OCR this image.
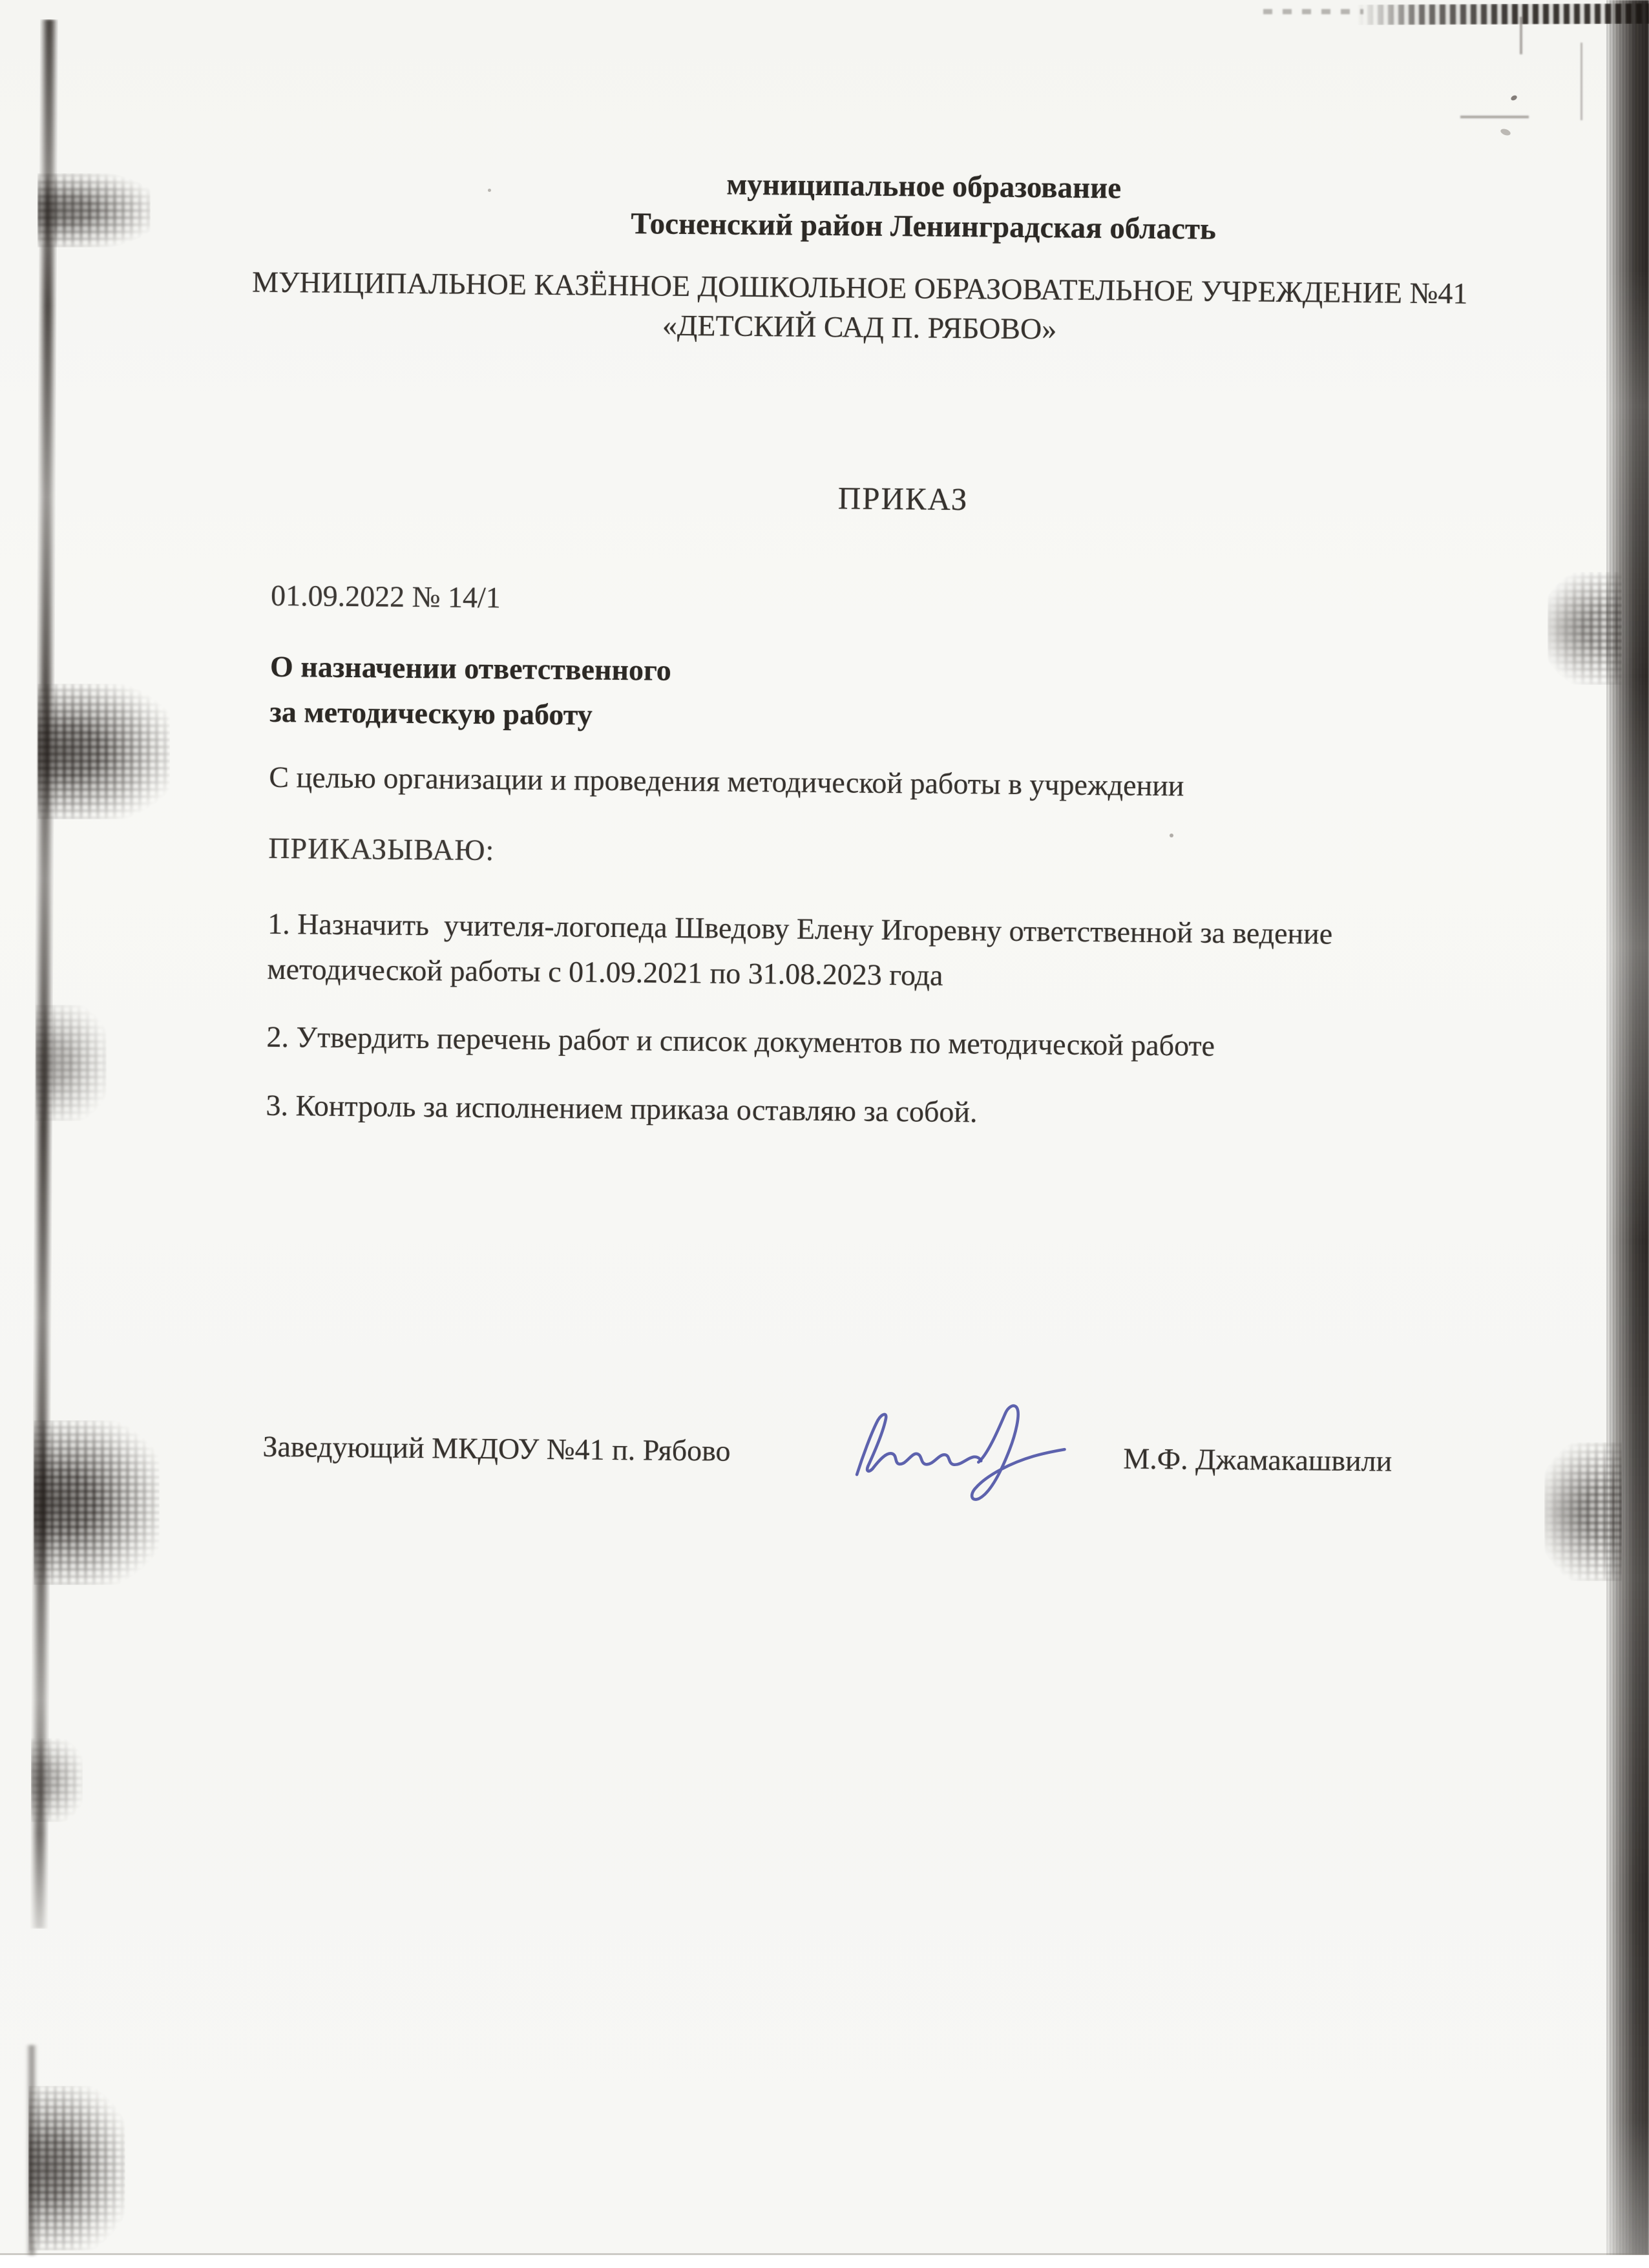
муниципальное образование
Тосненский район Ленинградская область
МУНИЦИПАЛЬНОЕ КАЗЁННОЕ ДОШКОЛЬНОЕ ОБРАЗОВАТЕЛЬНОЕ УЧРЕЖДЕНИЕ №41
«ДЕТСКИЙ САД П. РЯБОВО»
ПРИКАЗ
01.09.2022 № 14/1
О назначении ответственного
за методическую работу
С целью организации и проведения методической работы в учреждении
ПРИКАЗЫВАЮ:

1. Назначить  учителя-логопеда Шведову Елену Игоревну ответственной за ведение методической работы с 01.09.2021 по 31.08.2023 года

2. Утвердить перечень работ и список документов по методической работе

3. Контроль за исполнением приказа оставляю за собой.

Заведующий МКДОУ №41 п. Рябово	М.Ф. Джамакашвили
